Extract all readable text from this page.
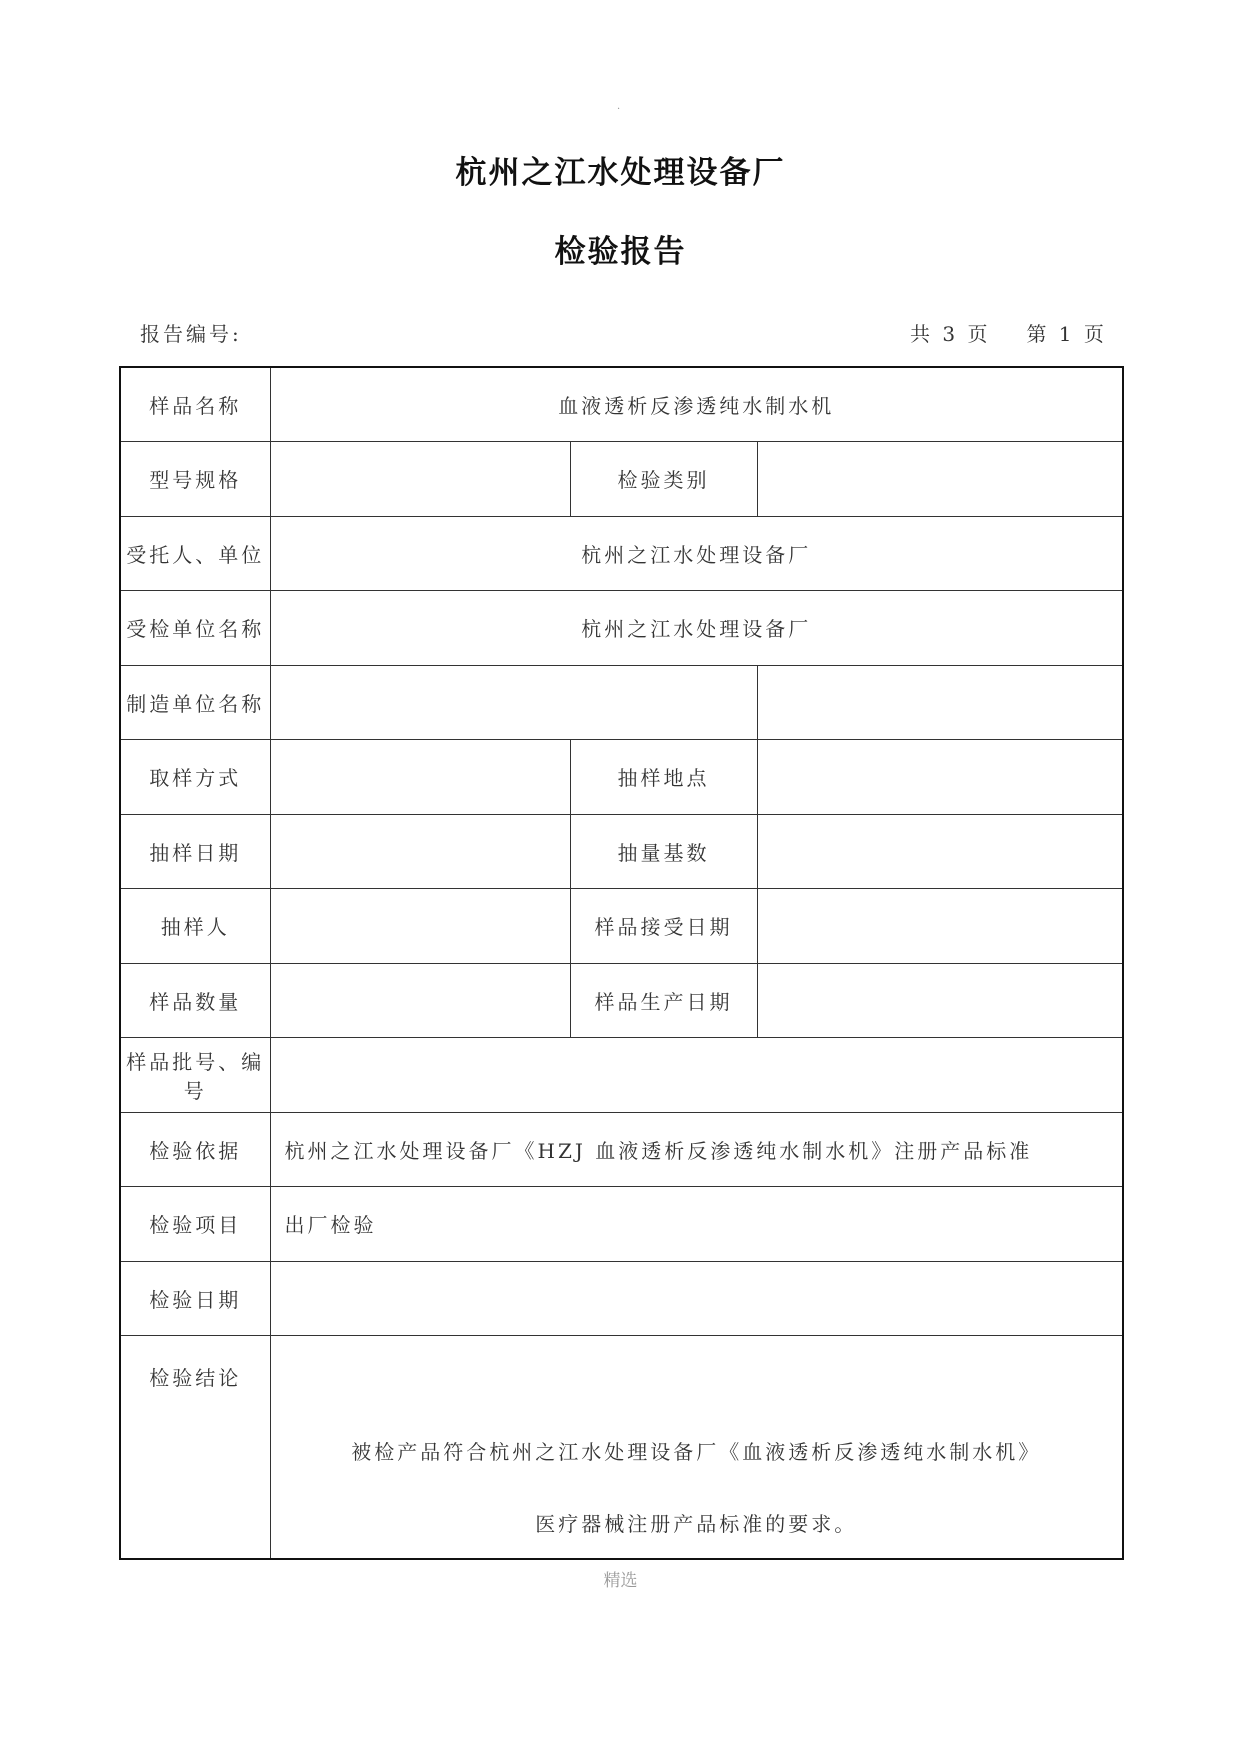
·
杭州之江水处理设备厂
检验报告
报告编号:	共 3 页 第 1 页
样品名称	血液透析反渗透纯水制水机		
型号规格		检验类别	
受托人、单位	杭州之江水处理设备厂		
受检单位名称	杭州之江水处理设备厂		
制造单位名称			
取样方式		抽样地点	
抽样日期		抽量基数	
抽样人		样品接受日期	
样品数量		样品生产日期	
样品批号、编号			
检验依据	杭州之江水处理设备厂《HZJ 血液透析反渗透纯水制水机》注册产品标准		
检验项目	出厂检验		
检验日期			
检验结论	被检产品符合杭州之江水处理设备厂《血液透析反渗透纯水制水机》
医疗器械注册产品标准的要求。		
精选
